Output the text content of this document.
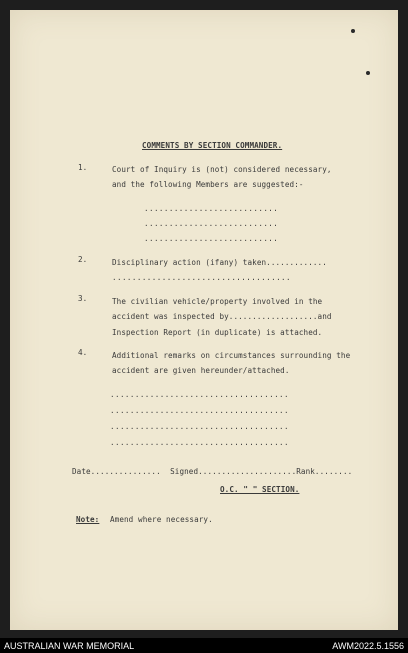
COMMENTS BY SECTION COMMANDER.
1.	Court of Inquiry is (not) considered necessary,
and the following Members are suggested:-
...........................
...........................
...........................
2.	Disciplinary action (ifany) taken.............
....................................
3.	The civilian vehicle/property involved in the
accident was inspected by...................and
Inspection Report (in duplicate) is attached.
4.	Additional remarks on circumstances surrounding the
accident are given hereunder/attached.
....................................
....................................
....................................
....................................
Date...............  Signed.....................Rank........
O.C. " " SECTION.
Note: Amend where necessary.
AUSTRALIAN WAR MEMORIAL	AWM2022.5.1556
